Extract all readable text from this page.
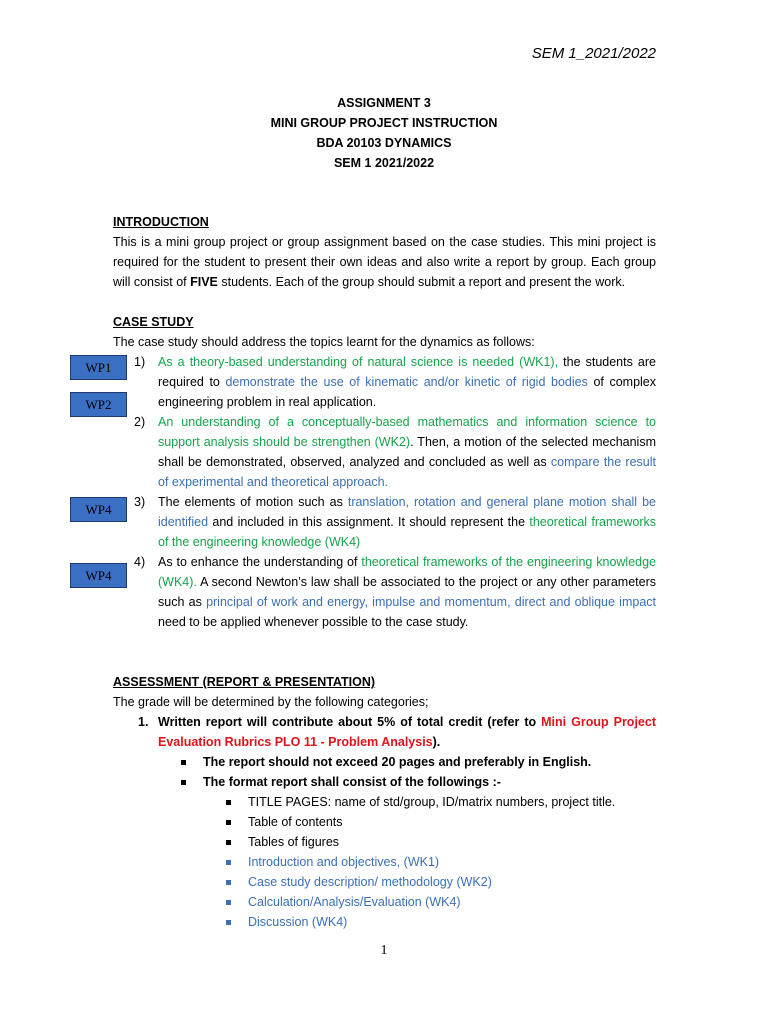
SEM 1_2021/2022
ASSIGNMENT 3
MINI GROUP PROJECT INSTRUCTION
BDA 20103 DYNAMICS
SEM 1 2021/2022
INTRODUCTION
This is a mini group project or group assignment based on the case studies. This mini project is required for the student to present their own ideas and also write a report by group. Each group will consist of FIVE students. Each of the group should submit a report and present the work.
CASE STUDY
The case study should address the topics learnt for the dynamics as follows:
1) As a theory-based understanding of natural science is needed (WK1), the students are required to demonstrate the use of kinematic and/or kinetic of rigid bodies of complex engineering problem in real application.
2) An understanding of a conceptually-based mathematics and information science to support analysis should be strengthen (WK2). Then, a motion of the selected mechanism shall be demonstrated, observed, analyzed and concluded as well as compare the result of experimental and theoretical approach.
3) The elements of motion such as translation, rotation and general plane motion shall be identified and included in this assignment. It should represent the theoretical frameworks of the engineering knowledge (WK4)
4) As to enhance the understanding of theoretical frameworks of the engineering knowledge (WK4). A second Newton’s law shall be associated to the project or any other parameters such as principal of work and energy, impulse and momentum, direct and oblique impact need to be applied whenever possible to the case study.
WP1
WP2
WP4
WP4
ASSESSMENT (REPORT & PRESENTATION)
The grade will be determined by the following categories;
1. Written report will contribute about 5% of total credit (refer to Mini Group Project Evaluation Rubrics PLO 11 - Problem Analysis).
The report should not exceed 20 pages and preferably in English.
The format report shall consist of the followings :-
TITLE PAGES: name of std/group, ID/matrix numbers, project title.
Table of contents
Tables of figures
Introduction and objectives, (WK1)
Case study description/ methodology (WK2)
Calculation/Analysis/Evaluation (WK4)
Discussion (WK4)
1
